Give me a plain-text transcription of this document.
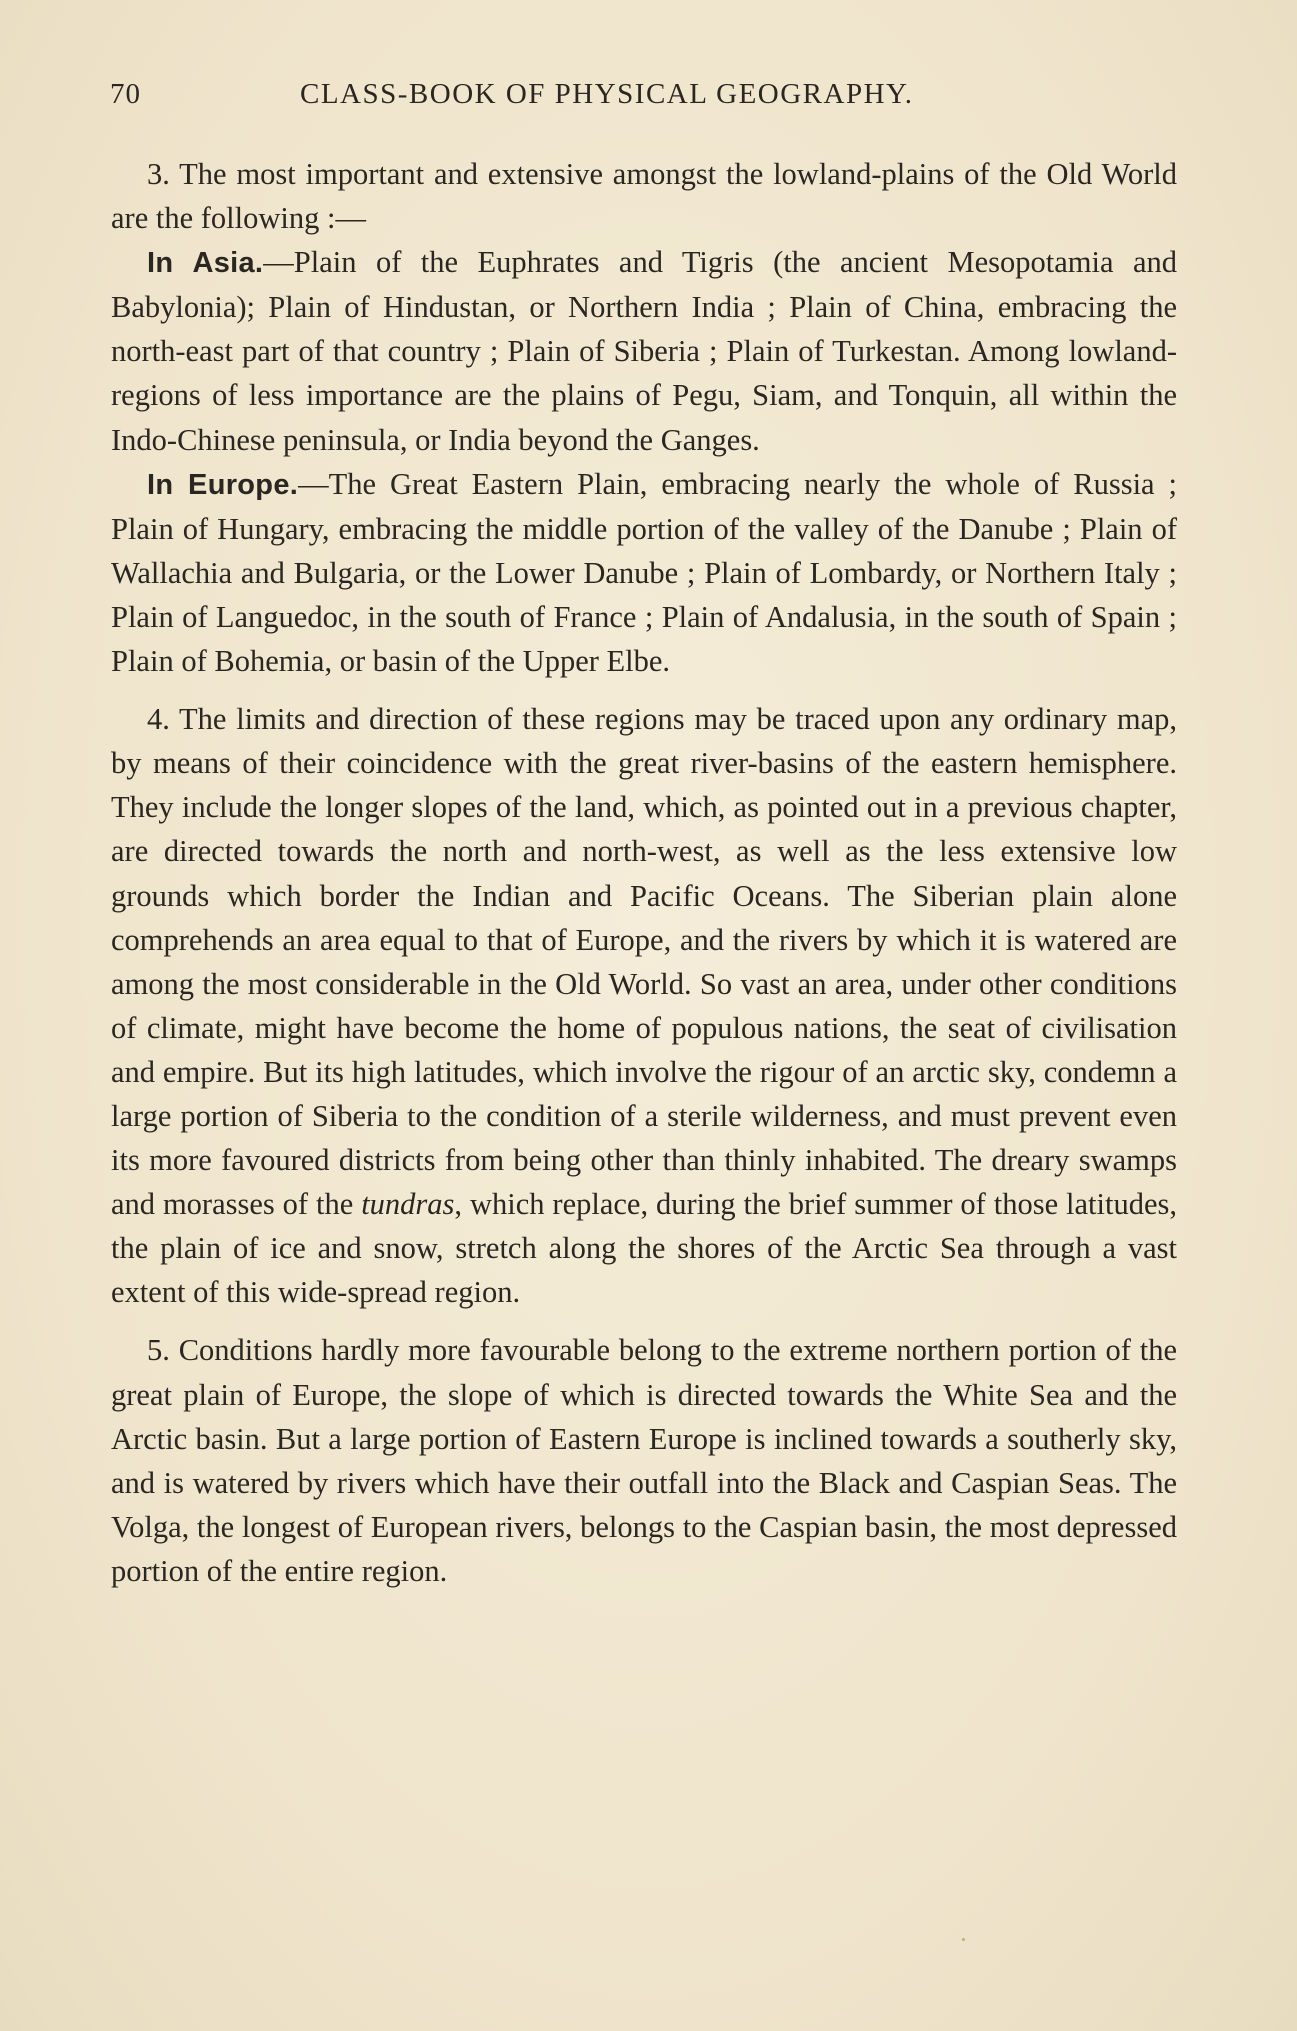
70	CLASS-BOOK OF PHYSICAL GEOGRAPHY.

3. The most important and extensive amongst the lowland-plains of the Old World are the following :—

In Asia.—Plain of the Euphrates and Tigris (the ancient Mesopotamia and Babylonia); Plain of Hindustan, or Northern India ; Plain of China, embracing the north-east part of that country ; Plain of Siberia ; Plain of Turkestan. Among lowland-regions of less importance are the plains of Pegu, Siam, and Tonquin, all within the Indo-Chinese peninsula, or India beyond the Ganges.

In Europe.—The Great Eastern Plain, embracing nearly the whole of Russia ; Plain of Hungary, embracing the middle portion of the valley of the Danube ; Plain of Wallachia and Bulgaria, or the Lower Danube ; Plain of Lombardy, or Northern Italy ; Plain of Languedoc, in the south of France ; Plain of Andalusia, in the south of Spain ; Plain of Bohemia, or basin of the Upper Elbe.

4. The limits and direction of these regions may be traced upon any ordinary map, by means of their coincidence with the great river-basins of the eastern hemisphere. They include the longer slopes of the land, which, as pointed out in a previous chapter, are directed towards the north and north-west, as well as the less extensive low grounds which border the Indian and Pacific Oceans. The Siberian plain alone comprehends an area equal to that of Europe, and the rivers by which it is watered are among the most considerable in the Old World. So vast an area, under other conditions of climate, might have become the home of populous nations, the seat of civilisation and empire. But its high latitudes, which involve the rigour of an arctic sky, condemn a large portion of Siberia to the condition of a sterile wilderness, and must prevent even its more favoured districts from being other than thinly inhabited. The dreary swamps and morasses of the tundras, which replace, during the brief summer of those latitudes, the plain of ice and snow, stretch along the shores of the Arctic Sea through a vast extent of this wide-spread region.

5. Conditions hardly more favourable belong to the extreme northern portion of the great plain of Europe, the slope of which is directed towards the White Sea and the Arctic basin. But a large portion of Eastern Europe is inclined towards a southerly sky, and is watered by rivers which have their outfall into the Black and Caspian Seas. The Volga, the longest of European rivers, belongs to the Caspian basin, the most depressed portion of the entire region.
